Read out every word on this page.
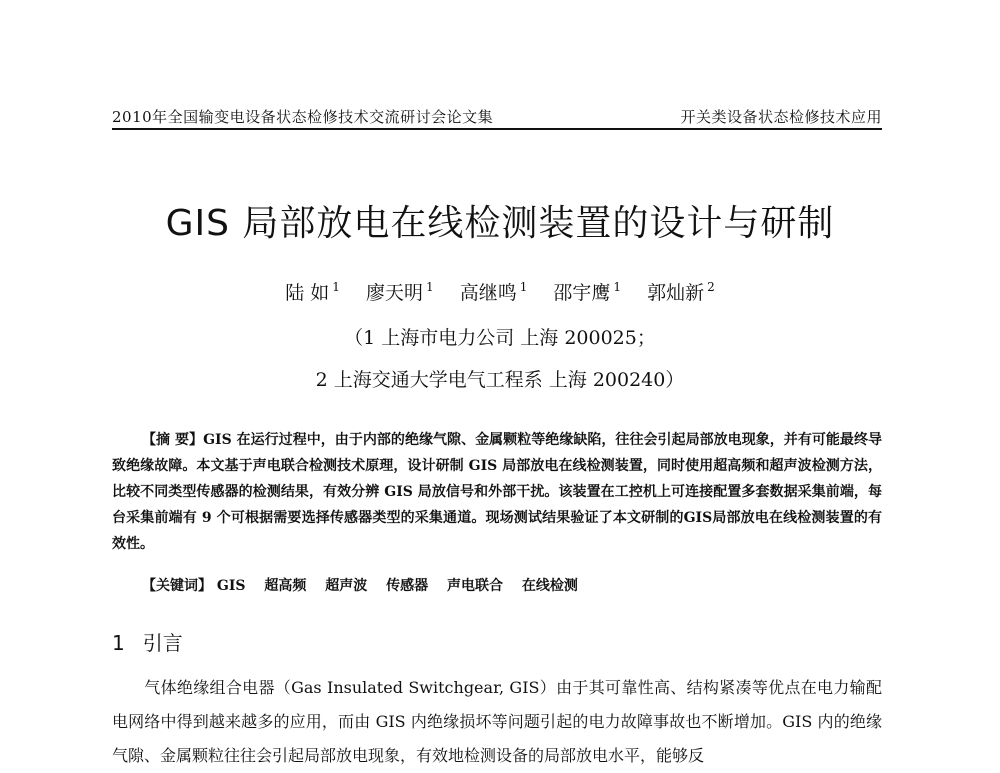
2010年全国输变电设备状态检修技术交流研讨会论文集	开关类设备状态检修技术应用
GIS 局部放电在线检测装置的设计与研制
陆 如 $^1$ 廖天明 $^1$ 高继鸣 $^1$ 邵宇鹰 $^1$ 郭灿新 $^2$
（1 上海市电力公司 上海 200025；
2 上海交通大学电气工程系 上海 200240）
【摘 要】GIS 在运行过程中，由于内部的绝缘气隙、金属颗粒等绝缘缺陷，往往会引起局部放电现象，并有可能最终导致绝缘故障。本文基于声电联合检测技术原理，设计研制 GIS 局部放电在线检测装置，同时使用超高频和超声波检测方法，比较不同类型传感器的检测结果，有效分辨 GIS 局放信号和外部干扰。该装置在工控机上可连接配置多套数据采集前端，每台采集前端有 9 个可根据需要选择传感器类型的采集通道。现场测试结果验证了本文研制的GIS局部放电在线检测装置的有效性。
【关键词】 GIS 超高频 超声波 传感器 声电联合 在线检测
1 引言
气体绝缘组合电器（Gas Insulated Switchgear, GIS）由于其可靠性高、结构紧凑等优点在电力输配电网络中得到越来越多的应用，而由 GIS 内绝缘损坏等问题引起的电力故障事故也不断增加。GIS 内的绝缘气隙、金属颗粒往往会引起局部放电现象，有效地检测设备的局部放电水平，能够反
